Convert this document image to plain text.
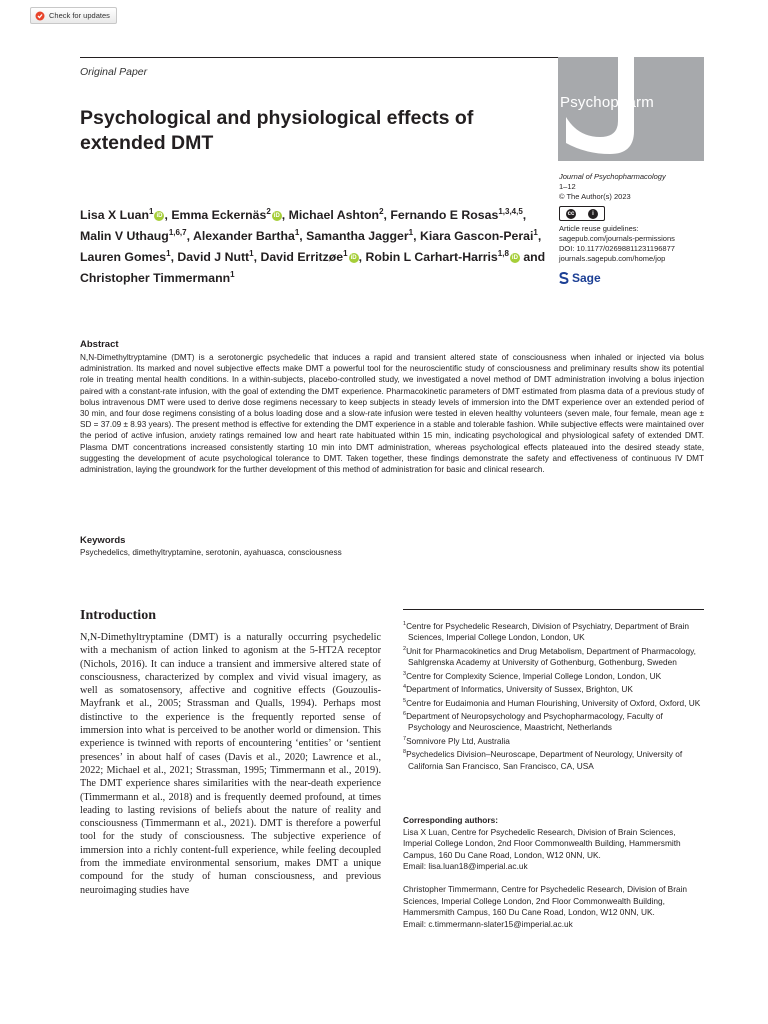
Check for updates
Original Paper
Psychological and physiological effects of extended DMT
Psychopharm
Journal of Psychopharmacology
1–12
© The Author(s) 2023
cc	i
Article reuse guidelines:
sagepub.com/journals-permissions
DOI: 10.1177/02698811231196877
journals.sagepub.com/home/jop
Sage
Lisa X Luan$^1$ iD , Emma Eckernäs$^2$ iD , Michael Ashton$^2$, Fernando E Rosas$^{1,3,4,5}$, Malin V Uthaug$^{1,6,7}$, Alexander Bartha$^1$, Samantha Jagger$^1$, Kiara Gascon-Perai$^1$, Lauren Gomes$^1$, David J Nutt$^1$, David Erritzøe$^1$ iD , Robin L Carhart-Harris$^{1,8}$ iD and Christopher Timmermann$^1$
Abstract
N,N-Dimethyltryptamine (DMT) is a serotonergic psychedelic that induces a rapid and transient altered state of consciousness when inhaled or injected via bolus administration. Its marked and novel subjective effects make DMT a powerful tool for the neuroscientific study of consciousness and preliminary results show its potential role in treating mental health conditions. In a within-subjects, placebo-controlled study, we investigated a novel method of DMT administration involving a bolus injection paired with a constant-rate infusion, with the goal of extending the DMT experience. Pharmacokinetic parameters of DMT estimated from plasma data of a previous study of bolus intravenous DMT were used to derive dose regimens necessary to keep subjects in steady levels of immersion into the DMT experience over an extended period of 30 min, and four dose regimens consisting of a bolus loading dose and a slow-rate infusion were tested in eleven healthy volunteers (seven male, four female, mean age ± SD = 37.09 ± 8.93 years). The present method is effective for extending the DMT experience in a stable and tolerable fashion. While subjective effects were maintained over the period of active infusion, anxiety ratings remained low and heart rate habituated within 15 min, indicating psychological and physiological safety of extended DMT. Plasma DMT concentrations increased consistently starting 10 min into DMT administration, whereas psychological effects plateaued into the desired steady state, suggesting the development of acute psychological tolerance to DMT. Taken together, these findings demonstrate the safety and effectiveness of continuous IV DMT administration, laying the groundwork for the further development of this method of administration for basic and clinical research.
Keywords
Psychedelics, dimethyltryptamine, serotonin, ayahuasca, consciousness
Introduction
N,N-Dimethyltryptamine (DMT) is a naturally occurring psychedelic with a mechanism of action linked to agonism at the 5-HT2A receptor (Nichols, 2016). It can induce a transient and immersive altered state of consciousness, characterized by complex and vivid visual imagery, as well as somatosensory, affective and cognitive effects (Gouzoulis-Mayfrank et al., 2005; Strassman and Qualls, 1994). Perhaps most distinctive to the experience is the frequently reported sense of immersion into what is perceived to be another world or dimension. This experience is twinned with reports of encountering ‘entities’ or ‘sentient presences’ in about half of cases (Davis et al., 2020; Lawrence et al., 2022; Michael et al., 2021; Strassman, 1995; Timmermann et al., 2019). The DMT experience shares similarities with the near-death experience (Timmermann et al., 2018) and is frequently deemed profound, at times leading to lasting revisions of beliefs about the nature of reality and consciousness (Timmermann et al., 2021). DMT is therefore a powerful tool for the study of consciousness. The subjective experience of immersion into a richly content-full experience, while feeling decoupled from the immediate environmental sensorium, makes DMT a unique compound for the study of human consciousness, and previous neuroimaging studies have
$^1$Centre for Psychedelic Research, Division of Psychiatry, Department of Brain Sciences, Imperial College London, London, UK
$^2$Unit for Pharmacokinetics and Drug Metabolism, Department of Pharmacology, Sahlgrenska Academy at University of Gothenburg, Gothenburg, Sweden
$^3$Centre for Complexity Science, Imperial College London, London, UK
$^4$Department of Informatics, University of Sussex, Brighton, UK
$^5$Centre for Eudaimonia and Human Flourishing, University of Oxford, Oxford, UK
$^6$Department of Neuropsychology and Psychopharmacology, Faculty of Psychology and Neuroscience, Maastricht, Netherlands
$^7$Somnivore Ply Ltd, Australia
$^8$Psychedelics Division–Neuroscape, Department of Neurology, University of California San Francisco, San Francisco, CA, USA
Corresponding authors:
Lisa X Luan, Centre for Psychedelic Research, Division of Brain Sciences, Imperial College London, 2nd Floor Commonwealth Building, Hammersmith Campus, 160 Du Cane Road, London, W12 0NN, UK.
Email: lisa.luan18@imperial.ac.uk
Christopher Timmermann, Centre for Psychedelic Research, Division of Brain Sciences, Imperial College London, 2nd Floor Commonwealth Building, Hammersmith Campus, 160 Du Cane Road, London, W12 0NN, UK.
Email: c.timmermann-slater15@imperial.ac.uk
